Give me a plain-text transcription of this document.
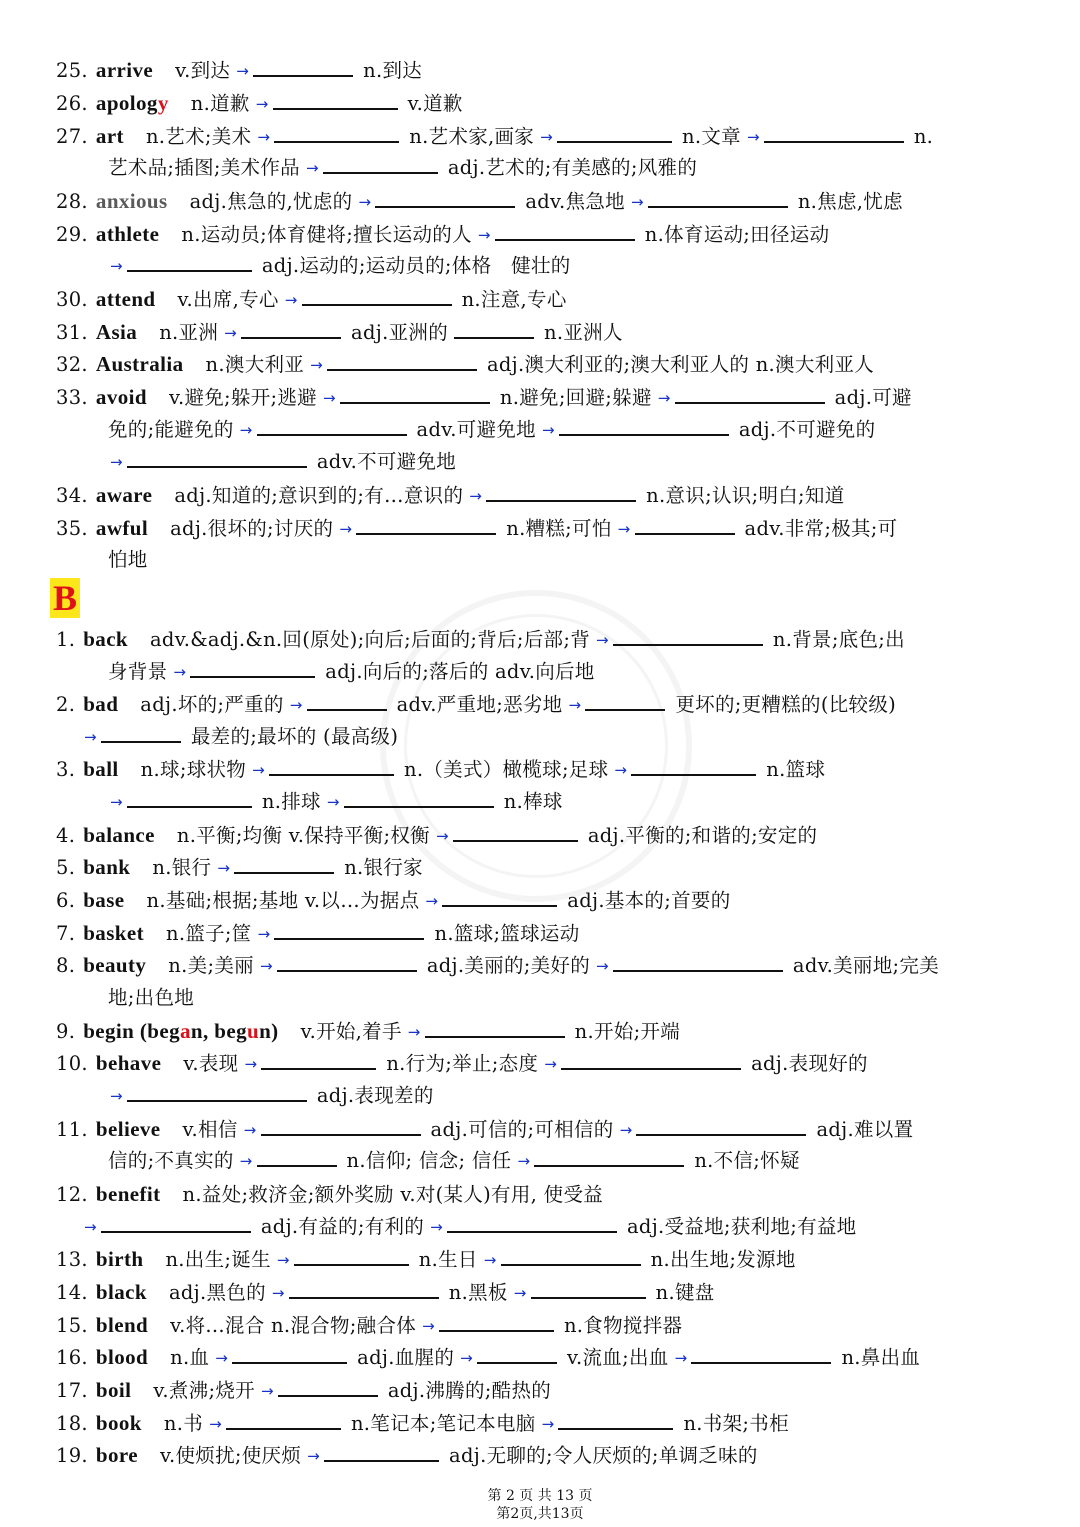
B
25. arrive v.到达 →	n.到达
26. apology n.道歉 →	v.道歉
27. art n.艺术;美术 →	n.艺术家,画家 →	n.文章 →	n.
艺术品;插图;美术作品 →	adj.艺术的;有美感的;风雅的
28. anxious adj.焦急的,忧虑的 →	adv.焦急地 →	n.焦虑,忧虑
29. athlete n.运动员;体育健将;擅长运动的人 →	n.体育运动;田径运动
→	adj.运动的;运动员的;体格　健壮的
30. attend v.出席,专心 →	n.注意,专心
31. Asia n.亚洲 →	adj.亚洲的	n.亚洲人
32. Australia n.澳大利亚 →	adj.澳大利亚的;澳大利亚人的 n.澳大利亚人
33. avoid v.避免;躲开;逃避 →	n.避免;回避;躲避 →	adj.可避
免的;能避免的 →	adv.可避免地 →	adj.不可避免的
→	adv.不可避免地
34. aware adj.知道的;意识到的;有…意识的 →	n.意识;认识;明白;知道
35. awful adj.很坏的;讨厌的 →	n.糟糕;可怕 →	adv.非常;极其;可
怕地
1. back adv.&adj.&n.回(原处);向后;后面的;背后;后部;背 →	n.背景;底色;出
身背景 →	adj.向后的;落后的 adv.向后地
2. bad adj.坏的;严重的 →	adv.严重地;恶劣地 →	更坏的;更糟糕的(比较级)
→	最差的;最坏的 (最高级)
3. ball n.球;球状物 →	n.（美式）橄榄球;足球 →	n.篮球
→	n.排球 →	n.棒球
4. balance n.平衡;均衡 v.保持平衡;权衡 →	adj.平衡的;和谐的;安定的
5. bank n.银行 →	n.银行家
6. base n.基础;根据;基地 v.以…为据点 →	adj.基本的;首要的
7. basket n.篮子;筐 →	n.篮球;篮球运动
8. beauty n.美;美丽 →	adj.美丽的;美好的 →	adv.美丽地;完美
地;出色地
9. begin (began, begun) v.开始,着手 →	n.开始;开端
10. behave v.表现 →	n.行为;举止;态度 →	adj.表现好的
→	adj.表现差的
11. believe v.相信 →	adj.可信的;可相信的 →	adj.难以置
信的;不真实的 →	n.信仰; 信念; 信任 →	n.不信;怀疑
12. benefit n.益处;救济金;额外奖励 v.对(某人)有用, 使受益
→	adj.有益的;有利的 →	adj.受益地;获利地;有益地
13. birth n.出生;诞生 →	n.生日 →	n.出生地;发源地
14. black adj.黑色的 →	n.黑板 →	n.键盘
15. blend v.将...混合 n.混合物;融合体 →	n.食物搅拌器
16. blood n.血 →	adj.血腥的 →	v.流血;出血 →	n.鼻出血
17. boil v.煮沸;烧开 →	adj.沸腾的;酷热的
18. book n.书 →	n.笔记本;笔记本电脑 →	n.书架;书柜
19. bore v.使烦扰;使厌烦 →	adj.无聊的;令人厌烦的;单调乏味的
第 2 页 共 13 页
第2页,共13页
